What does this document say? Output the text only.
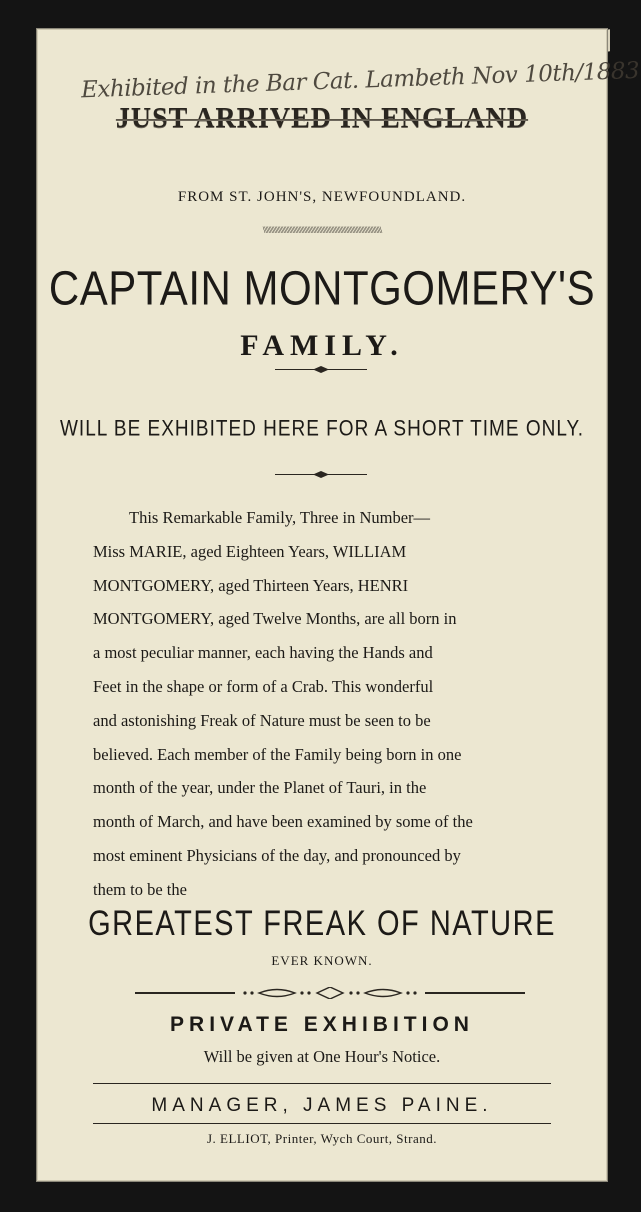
Exhibited in the Bar Cat. Lambeth Nov 10th/1883
JUST ARRIVED IN ENGLAND
FROM ST. JOHN'S, NEWFOUNDLAND.
\\\\\\\\\\\\\\\\\\\\\\\\\\\\\\\\\\\\\\\\\\\\\\\\\\\\\\\\\\\\\\\\\\\\\\\\\\\\\\\
CAPTAIN MONTGOMERY'S
FAMILY.
WILL BE EXHIBITED HERE FOR A SHORT TIME ONLY.
This Remarkable Family, Three in Number—
Miss MARIE, aged Eighteen Years, WILLIAM
MONTGOMERY, aged Thirteen Years, HENRI
MONTGOMERY, aged Twelve Months, are all born in
a most peculiar manner, each having the Hands and
Feet in the shape or form of a Crab. This wonderful
and astonishing Freak of Nature must be seen to be
believed. Each member of the Family being born in one
month of the year, under the Planet of Tauri, in the
month of March, and have been examined by some of the
most eminent Physicians of the day, and pronounced by
them to be the
GREATEST FREAK OF NATURE
EVER KNOWN.
PRIVATE EXHIBITION
Will be given at One Hour's Notice.
MANAGER, JAMES PAINE.
J. ELLIOT, Printer, Wych Court, Strand.
